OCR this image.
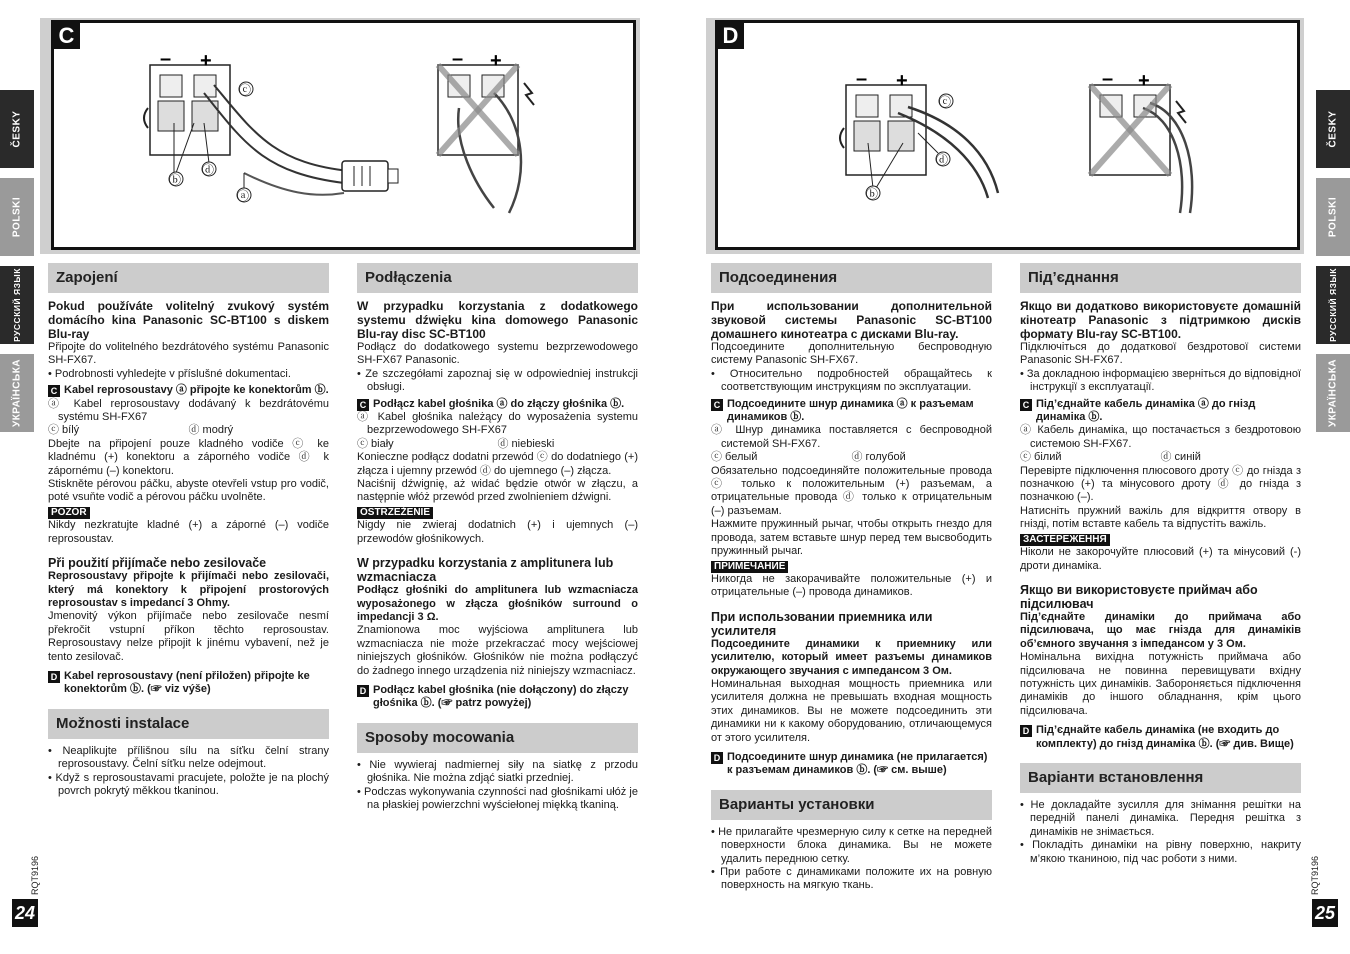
C
– +
ⓑ
ⓓ
ⓐ
ⓒ
– +
D
– +
ⓑ
ⓓ
ⓒ
– +
ČESKY
POLSKI
РУССКИЙ ЯЗЫК
УКРАЇНСЬКА
ČESKY
POLSKI
РУССКИЙ ЯЗЫК
УКРАЇНСЬКА
Zapojení

Pokud používáte volitelný zvukový systém domácího kina Panasonic SC-BT100 s diskem Blu-ray

Připojte do volitelného bezdrátového systému Panasonic SH-FX67.

• Podrobnosti vyhledejte v příslušné dokumentaci.

C Kabel reprosoustavy ⓐ připojte ke konektorům ⓑ.

ⓐ Kabel reprosoustavy dodávaný k bezdrátovému systému SH-FX67

ⓒ bílý	ⓓ modrý

Dbejte na připojení pouze kladného vodiče ⓒ ke kladnému (+) konektoru a záporného vodiče ⓓ k zápornému (–) konektoru.

Stiskněte pérovou páčku, abyste otevřeli vstup pro vodič, poté vsuňte vodič a pérovou páčku uvolněte.

POZOR

Nikdy nezkratujte kladné (+) a záporné (–) vodiče reprosoustav.

Při použití přijímače nebo zesilovače

Reprosoustavy připojte k přijímači nebo zesilovači, který má konektory k připojení prostorových reprosoustav s impedancí 3 Ohmy.

Jmenovitý výkon přijímače nebo zesilovače nesmí překročit vstupní příkon těchto reprosoustav. Reprosoustavy nelze připojit k jinému vybavení, než je tento zesilovač.

D Kabel reprosoustavy (není přiložen) připojte ke konektorům ⓑ. (☞ viz výše)
Možnosti instalace

• Neaplikujte přílišnou sílu na síťku čelní strany reprosoustavy. Čelní síťku nelze odejmout.

• Když s reprosoustavami pracujete, položte je na plochý povrch pokrytý měkkou tkaninou.

Podłączenia

W przypadku korzystania z dodatkowego systemu dźwięku kina domowego Panasonic Blu-ray disc SC-BT100

Podłącz do dodatkowego systemu bezprzewodowego SH-FX67 Panasonic.

• Ze szczegółami zapoznaj się w odpowiedniej instrukcji obsługi.

C Podłącz kabel głośnika ⓐ do złączy głośnika ⓑ.

ⓐ Kabel głośnika należący do wyposażenia systemu bezprzewodowego SH-FX67

ⓒ biały	ⓓ niebieski

Konieczne podłącz dodatni przewód ⓒ do dodatniego (+) złącza i ujemny przewód ⓓ do ujemnego (–) złącza.

Naciśnij dźwignię, aż widać będzie otwór w złączu, a następnie włóż przewód przed zwolnieniem dźwigni.

OSTRZEŻENIE

Nigdy nie zwieraj dodatnich (+) i ujemnych (–) przewodów głośnikowych.

W przypadku korzystania z amplitunera lub wzmacniacza

Podłącz głośniki do amplitunera lub wzmacniacza wyposażonego w złącza głośników surround o impedancji 3 Ω.

Znamionowa moc wyjściowa amplitunera lub wzmacniacza nie może przekraczać mocy wejściowej niniejszych głośników. Głośników nie można podłączyć do żadnego innego urządzenia niż niniejszy wzmacniacz.

D Podłącz kabel głośnika (nie dołączony) do złączy głośnika ⓑ. (☞ patrz powyżej)
Sposoby mocowania

• Nie wywieraj nadmiernej siły na siatkę z przodu głośnika. Nie można zdjąć siatki przedniej.

• Podczas wykonywania czynności nad głośnikami ułóż je na płaskiej powierzchni wyściełonej miękką tkaniną.

Подсоединения

При использовании дополнительной звуковой системы Panasonic SC-BT100 домашнего кинотеатра с дисками Blu-ray.

Подсоедините дополнительную беспроводную систему Panasonic SH-FX67.

• Относительно подробностей обращайтесь к соответствующим инструкциям по эксплуатации.

C Подсоедините шнур динамика ⓐ к разъемам динамиков ⓑ.

ⓐ Шнур динамика поставляется с беспроводной системой SH-FX67.

ⓒ белый	ⓓ голубой

Обязательно подсоединяйте положительные провода ⓒ только к положительным (+) разъемам, а отрицательные провода ⓓ только к отрицательным (–) разъемам.

Нажмите пружинный рычаг, чтобы открыть гнездо для провода, затем вставьте шнур перед тем высвободить пружинный рычаг.

ПРИМЕЧАНИЕ

Никогда не закорачивайте положительные (+) и отрицательные (–) провода динамиков.

При использовании приемника или усилителя

Подсоедините динамики к приемнику или усилителю, который имеет разъемы динамиков окружающего звучания с импедансом 3 Ом.

Номинальная выходная мощность приемника или усилителя должна не превышать входная мощность этих динамиков. Вы не можете подсоединить эти динамики ни к какому оборудованию, отличающемуся от этого усилителя.

D Подсоедините шнур динамика (не прилагается) к разъемам динамиков ⓑ. (☞ см. выше)
Варианты установки

• Не прилагайте чрезмерную силу к сетке на передней поверхности блока динамика. Вы не можете удалить переднюю сетку.

• При работе с динамиками положите их на ровную поверхность на мягкую ткань.

Під’єднання

Якщо ви додатково використовуєте домашній кінотеатр Panasonic з підтримкою дисків формату Blu-ray SC-BT100.

Підключіться до додаткової бездротової системи Panasonic SH-FX67.

• За докладною інформацією зверніться до відповідної інструкції з експлуатації.

C Під’єднайте кабель динаміка ⓐ до гнізд динаміка ⓑ.

ⓐ Кабель динаміка, що постачається з бездротовою системою SH-FX67.

ⓒ білий	ⓓ синій

Перевірте підключення плюсового дроту ⓒ до гнізда з позначкою (+) та мінусового дроту ⓓ до гнізда з позначкою (–).

Натисніть пружний важіль для відкриття отвору в гнізді, потім вставте кабель та відпустіть важіль.

ЗАСТЕРЕЖЕННЯ

Ніколи не закорочуйте плюсовий (+) та мінусовий (-) дроти динаміка.

Якщо ви використовуєте приймач або підсилювач

Під’єднайте динаміки до приймача або підсилювача, що має гнізда для динаміків об’ємного звучання з імпедансом у 3 Ом.

Номінальна вихідна потужність приймача або підсилювача не повинна перевищувати вхідну потужність цих динаміків. Забороняється підключення динаміків до іншого обладнання, крім цього підсилювача.

D Під’єднайте кабель динаміка (не входить до комплекту) до гнізд динаміка ⓑ. (☞ див. Вище)
Варіанти встановлення

• Не докладайте зусилля для знімання решітки на передній панелі динаміка. Передня решітка з динаміків не знімається.

• Покладіть динаміки на рівну поверхню, накриту м’якою тканиною, під час роботи з ними.

RQT9196
24
RQT9196
25
